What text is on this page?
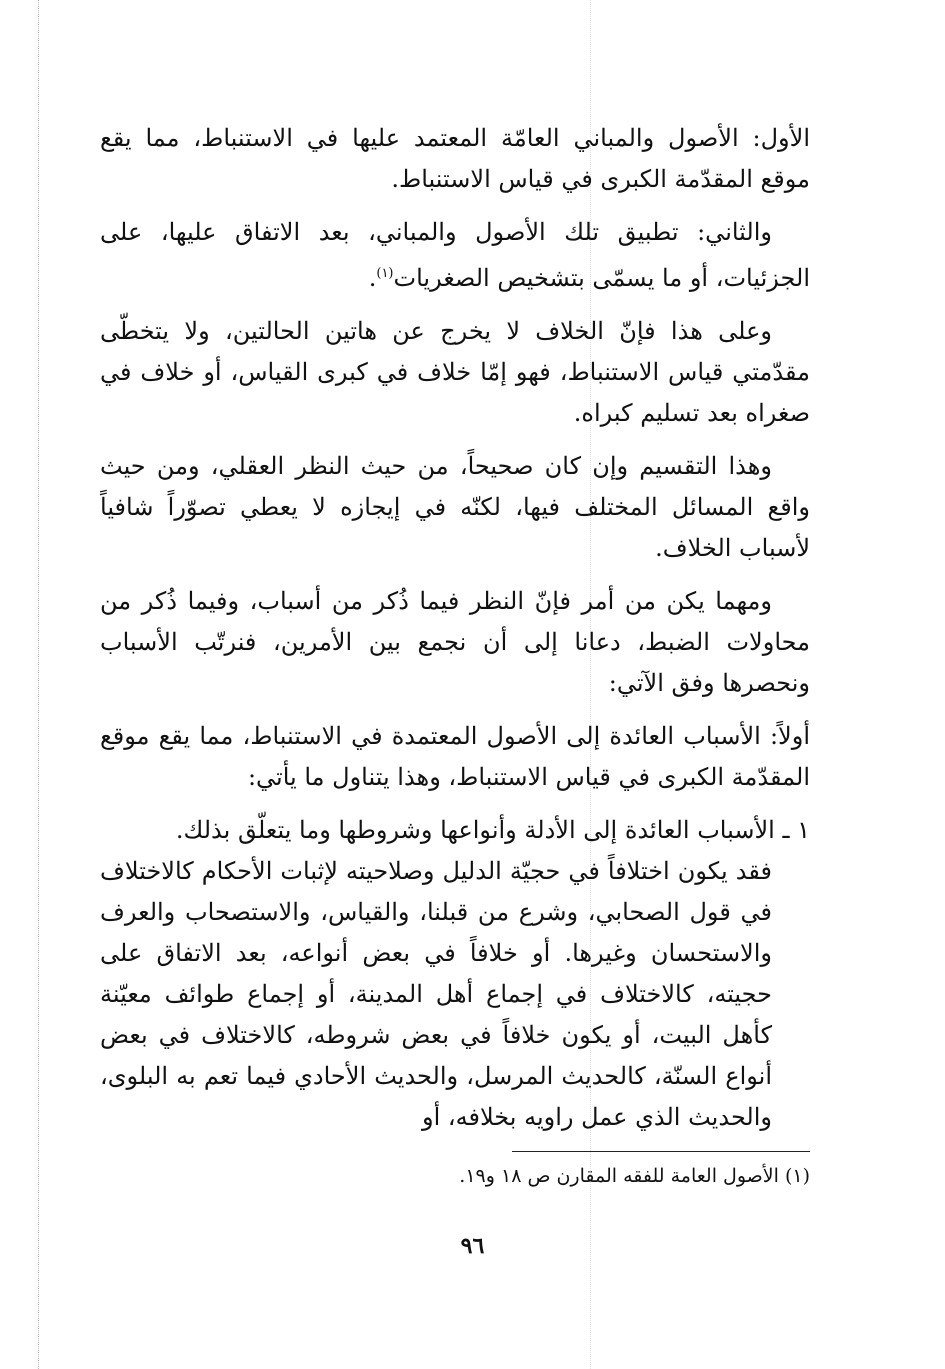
الأول: الأصول والمباني العامّة المعتمد عليها في الاستنباط، مما يقع موقع المقدّمة الكبرى في قياس الاستنباط.

والثاني: تطبيق تلك الأصول والمباني، بعد الاتفاق عليها، على الجزئيات، أو ما يسمّى بتشخيص الصغريات$^{(١)}$.

وعلى هذا فإنّ الخلاف لا يخرج عن هاتين الحالتين، ولا يتخطّى مقدّمتي قياس الاستنباط، فهو إمّا خلاف في كبرى القياس، أو خلاف في صغراه بعد تسليم كبراه.

وهذا التقسيم وإن كان صحيحاً، من حيث النظر العقلي، ومن حيث واقع المسائل المختلف فيها، لكنّه في إيجازه لا يعطي تصوّراً شافياً لأسباب الخلاف.

ومهما يكن من أمر فإنّ النظر فيما ذُكر من أسباب، وفيما ذُكر من محاولات الضبط، دعانا إلى أن نجمع بين الأمرين، فنرتّب الأسباب ونحصرها وفق الآتي:

أولاً: الأسباب العائدة إلى الأصول المعتمدة في الاستنباط، مما يقع موقع المقدّمة الكبرى في قياس الاستنباط، وهذا يتناول ما يأتي:

١ ـ الأسباب العائدة إلى الأدلة وأنواعها وشروطها وما يتعلّق بذلك.

فقد يكون اختلافاً في حجيّة الدليل وصلاحيته لإثبات الأحكام كالاختلاف في قول الصحابي، وشرع من قبلنا، والقياس، والاستصحاب والعرف والاستحسان وغيرها. أو خلافاً في بعض أنواعه، بعد الاتفاق على حجيته، كالاختلاف في إجماع أهل المدينة، أو إجماع طوائف معيّنة كأهل البيت، أو يكون خلافاً في بعض شروطه، كالاختلاف في بعض أنواع السنّة، كالحديث المرسل، والحديث الأحادي فيما تعم به البلوى، والحديث الذي عمل راويه بخلافه، أو

(١) الأصول العامة للفقه المقارن ص ١٨ و١٩.
٩٦
